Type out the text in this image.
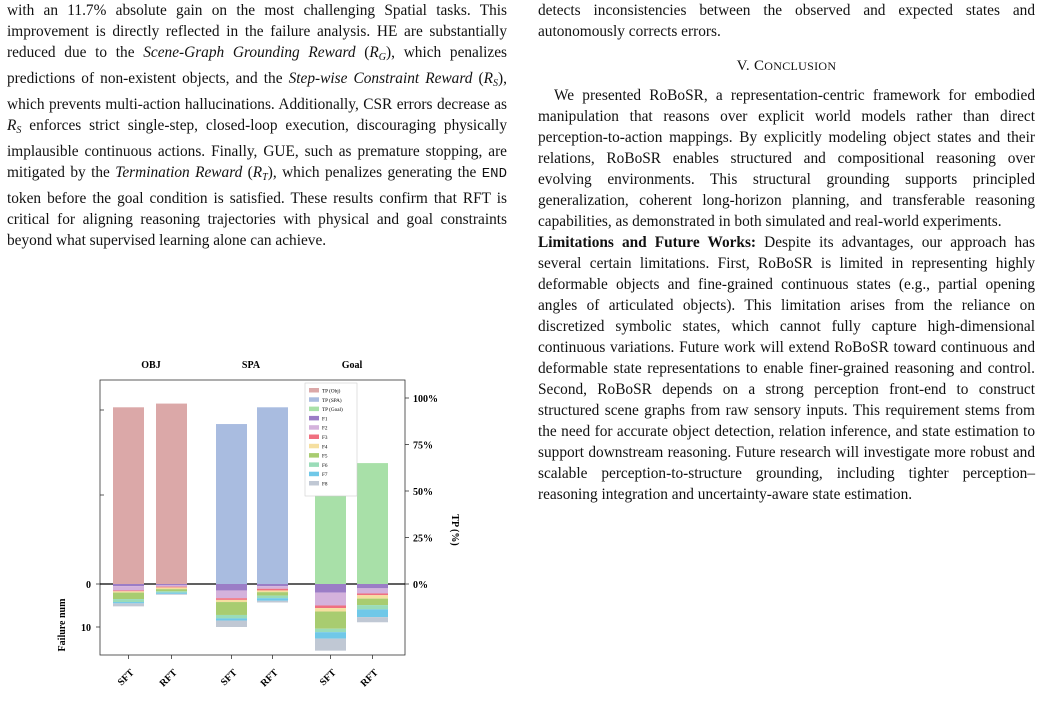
with an 11.7% absolute gain on the most challenging Spatial tasks. This improvement is directly reflected in the failure analysis. HE are substantially reduced due to the Scene-Graph Grounding Reward $(R_G)$, which penalizes predictions of non-existent objects, and the Step-wise Constraint Reward $(R_S)$, which prevents multi-action hallucinations. Additionally, CSR errors decrease as $R_S$ enforces strict single-step, closed-loop execution, discouraging physically implausible continuous actions. Finally, GUE, such as premature stopping, are mitigated by the Termination Reward $(R_T)$, which penalizes generating the END token before the goal condition is satisfied. These results confirm that RFT is critical for aligning reasoning trajectories with physical and goal constraints beyond what supervised learning alone can achieve.

OBJ	SPA	Goal
100%
75%
50%
25%
0%
0
10
Failure num
TP (%)
SFT RFT	SFT RFT	SFT RFT
TP (Obj)
TP (SPA)
TP (Goal)
F1
F2
F3
F4
F5
F6
F7
F8

detects inconsistencies between the observed and expected states and autonomously corrects errors.

V. CONCLUSION

We presented RoBoSR, a representation-centric framework for embodied manipulation that reasons over explicit world models rather than direct perception-to-action mappings. By explicitly modeling object states and their relations, RoBoSR enables structured and compositional reasoning over evolving environments. This structural grounding supports principled generalization, coherent long-horizon planning, and transferable reasoning capabilities, as demonstrated in both simulated and real-world experiments.

Limitations and Future Works: Despite its advantages, our approach has several certain limitations. First, RoBoSR is limited in representing highly deformable objects and fine-grained continuous states (e.g., partial opening angles of articulated objects). This limitation arises from the reliance on discretized symbolic states, which cannot fully capture high-dimensional continuous variations. Future work will extend RoBoSR toward continuous and deformable state representations to enable finer-grained reasoning and control. Second, RoBoSR depends on a strong perception front-end to construct structured scene graphs from raw sensory inputs. This requirement stems from the need for accurate object detection, relation inference, and state estimation to support downstream reasoning. Future research will investigate more robust and scalable perception-to-structure grounding, including tighter perception–reasoning integration and uncertainty-aware state estimation.
